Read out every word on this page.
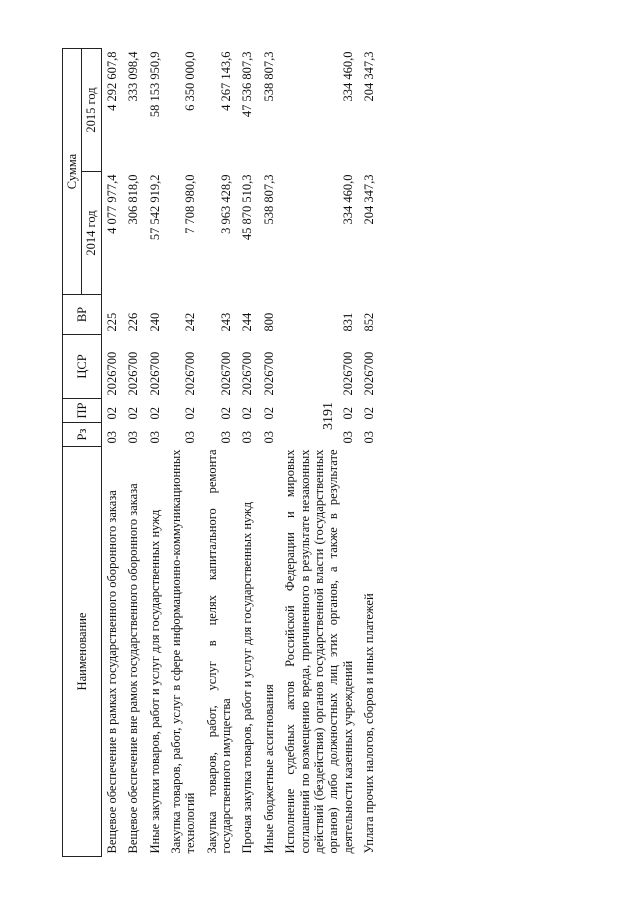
3191
Наименование	Рз	ПР	ЦСР	ВР	Сумма	
					2014 год	2015 год
Вещевое обеспечение в рамках государственного оборонного заказа	03	02	2026700	225	4 077 977,4	4 292 607,8
Вещевое обеспечение вне рамок государственного оборонного заказа	03	02	2026700	226	306 818,0	333 098,4
Иные закупки товаров, работ и услуг для государственных нужд	03	02	2026700	240	57 542 919,2	58 153 950,9
Закупка товаров, работ, услуг в сфере информационно-коммуникационных технологий	03	02	2026700	242	7 708 980,0	6 350 000,0
Закупка товаров, работ, услуг в целях капитального ремонта государственного имущества	03	02	2026700	243	3 963 428,9	4 267 143,6
Прочая закупка товаров, работ и услуг для государственных нужд	03	02	2026700	244	45 870 510,3	47 536 807,3
Иные бюджетные ассигнования	03	02	2026700	800	538 807,3	538 807,3
Исполнение судебных актов Российской Федерации и мировых соглашений по возмещению вреда, причиненного в результате незаконных действий (бездействия) органов государственной власти (государственных органов) либо должностных лиц этих органов, а также в результате деятельности казенных учреждений	03	02	2026700	831	334 460,0	334 460,0
Уплата прочих налогов, сборов и иных платежей	03	02	2026700	852	204 347,3	204 347,3
